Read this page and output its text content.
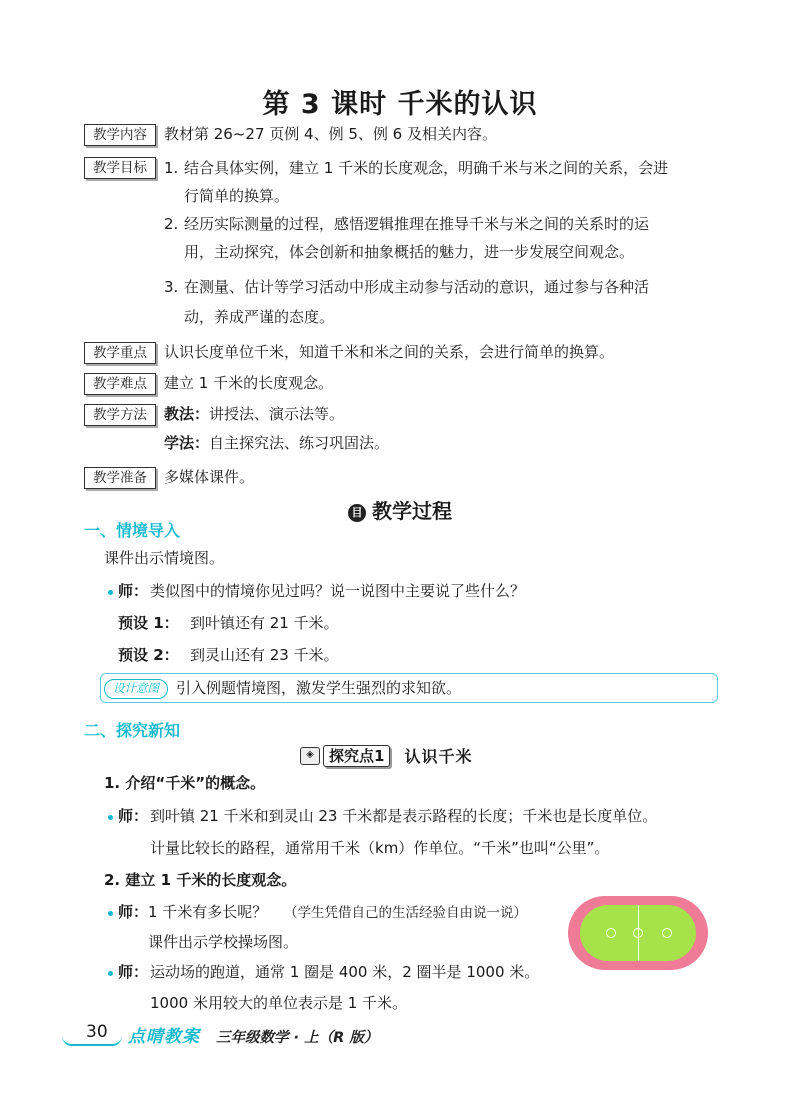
第 3 课时 千米的认识
教学内容	教材第 26~27 页例 4、例 5、例 6 及相关内容。
教学目标	1. 结合具体实例，建立 1 千米的长度观念，明确千米与米之间的关系，会进
行简单的换算。
2. 经历实际测量的过程，感悟逻辑推理在推导千米与米之间的关系时的运
用，主动探究，体会创新和抽象概括的魅力，进一步发展空间观念。
3. 在测量、估计等学习活动中形成主动参与活动的意识，通过参与各种活
动，养成严谨的态度。
教学重点	认识长度单位千米，知道千米和米之间的关系，会进行简单的换算。
教学难点	建立 1 千米的长度观念。
教学方法	教法： 讲授法、演示法等。
学法： 自主探究法、练习巩固法。
教学准备	多媒体课件。
目 教学过程
一、情境导入
课件出示情境图。
师： 类似图中的情境你见过吗？说一说图中主要说了些什么？
预设 1： 到叶镇还有 21 千米。
预设 2： 到灵山还有 23 千米。
设计意图	引入例题情境图，激发学生强烈的求知欲。
二、探究新知
◈ 探究点1 认识千米
1. 介绍“千米”的概念。
师： 到叶镇 21 千米和到灵山 23 千米都是表示路程的长度；千米也是长度单位。
计量比较长的路程，通常用千米（km）作单位。“千米”也叫“公里”。
2. 建立 1 千米的长度观念。
师： 1 千米有多长呢？ （学生凭借自己的生活经验自由说一说）
课件出示学校操场图。
师： 运动场的跑道，通常 1 圈是 400 米，2 圈半是 1000 米。
1000 米用较大的单位表示是 1 千米。
30 点晴教案 三年级数学 · 上（R 版）
